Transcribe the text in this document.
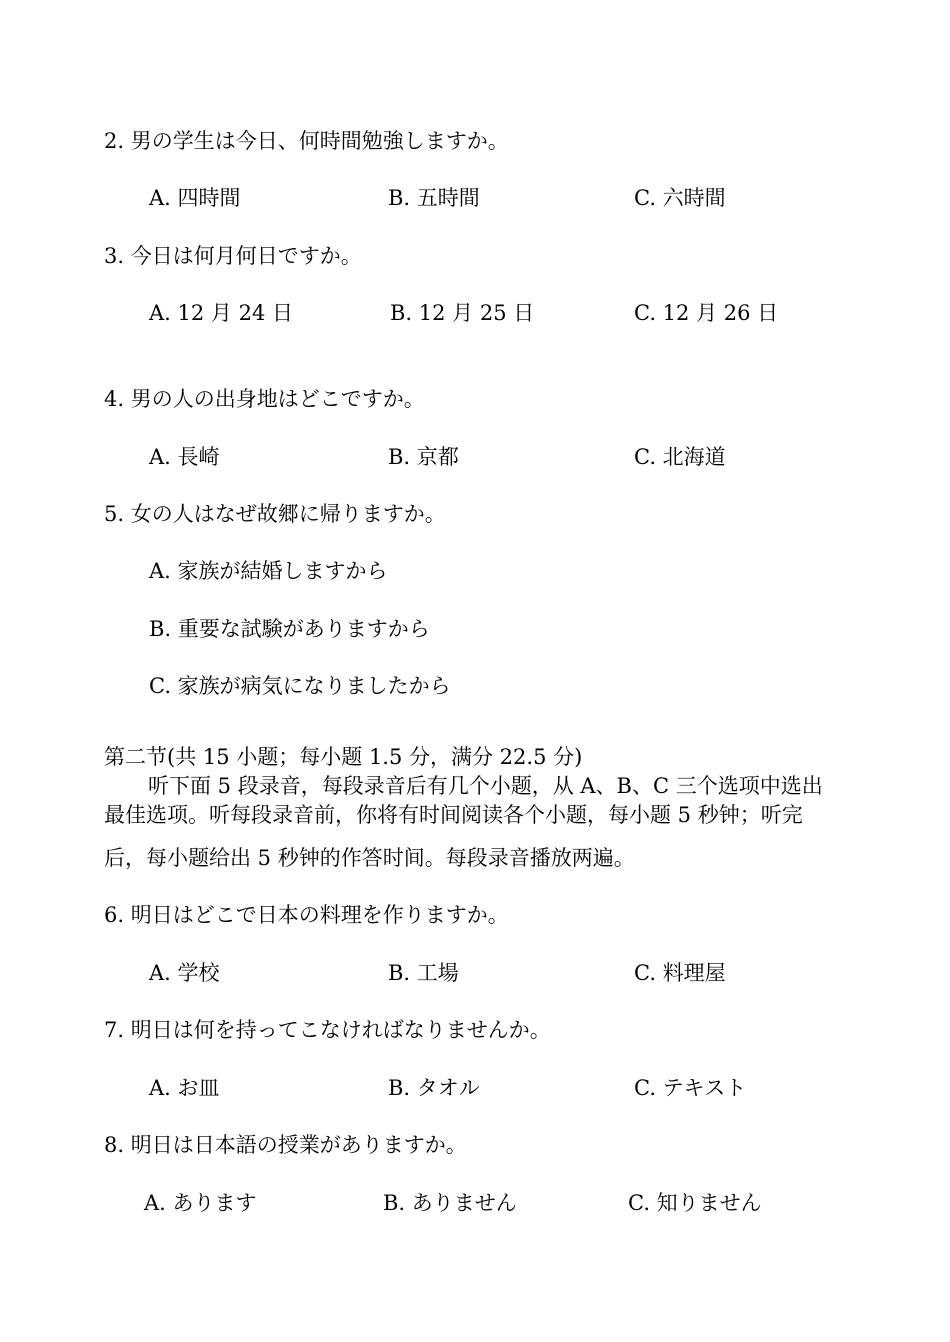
2. 男の学生は今日、何時間勉強しますか。
A. 四時間	B. 五時間	C. 六時間
3. 今日は何月何日ですか。
A. 12 月 24 日	B. 12 月 25 日	C. 12 月 26 日
4. 男の人の出身地はどこですか。
A. 長崎	B. 京都	C. 北海道
5. 女の人はなぜ故郷に帰りますか。
A. 家族が結婚しますから
B. 重要な試験がありますから
C. 家族が病気になりましたから
第二节(共 15 小题；每小题 1.5 分，满分 22.5 分)
听下面 5 段录音，每段录音后有几个小题，从 A、B、C 三个选项中选出
最佳选项。听每段录音前，你将有时间阅读各个小题，每小题 5 秒钟；听完
后，每小题给出 5 秒钟的作答时间。每段录音播放两遍。
6. 明日はどこで日本の料理を作りますか。
A. 学校	B. 工場	C. 料理屋
7. 明日は何を持ってこなければなりませんか。
A. お皿	B. タオル	C. テキスト
8. 明日は日本語の授業がありますか。
A. あります	B. ありません	C. 知りません
